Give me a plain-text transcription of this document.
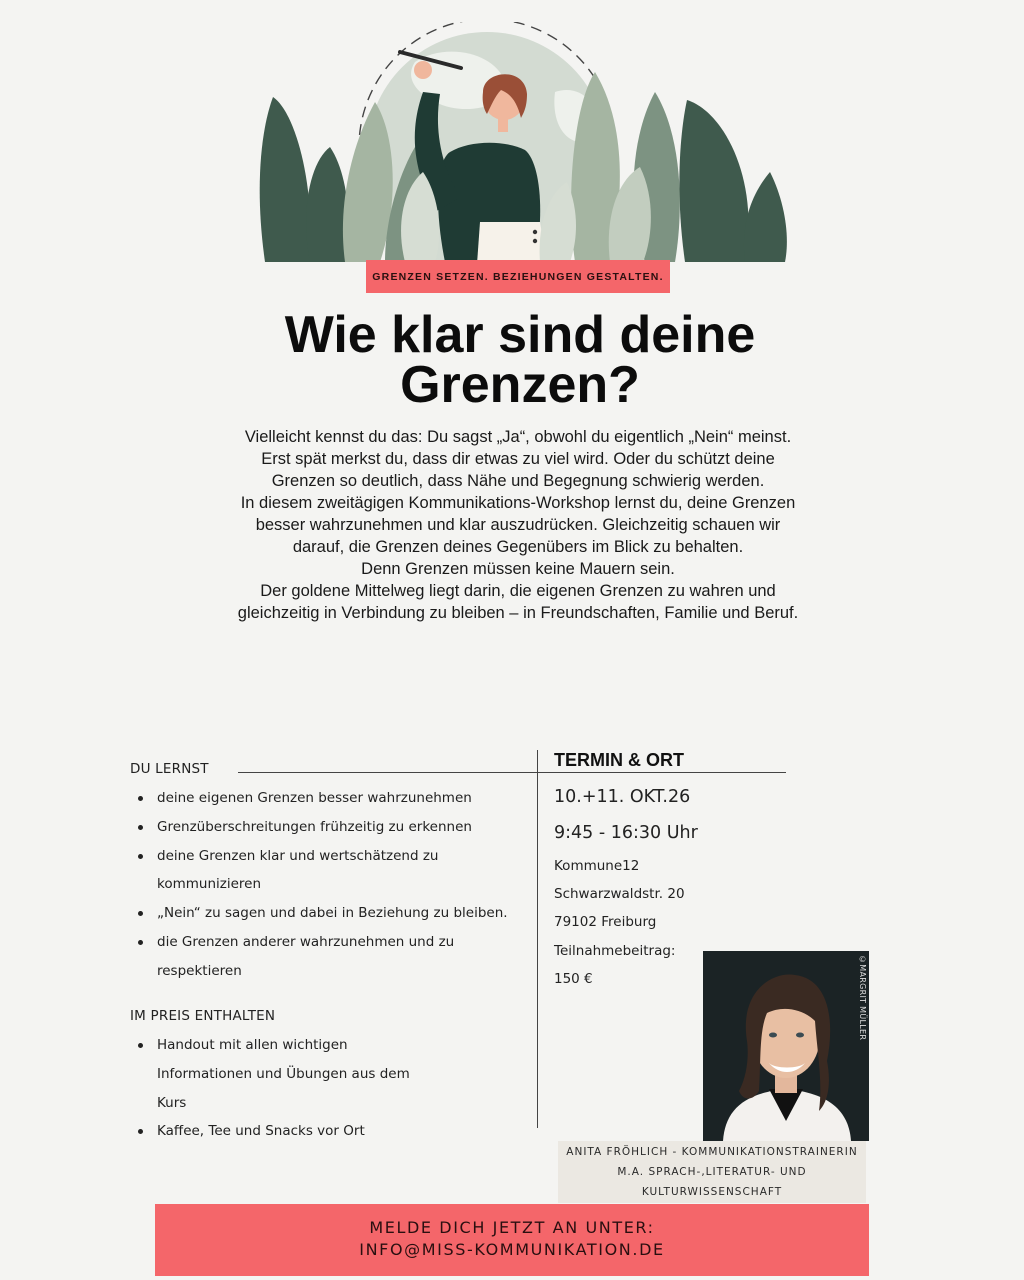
GRENZEN SETZEN. BEZIEHUNGEN GESTALTEN.
Wie klar sind deine
Grenzen?

Vielleicht kennst du das: Du sagst „Ja“, obwohl du eigentlich „Nein“ meinst. Erst spät merkst du, dass dir etwas zu viel wird. Oder du schützt deine Grenzen so deutlich, dass Nähe und Begegnung schwierig werden.

In diesem zweitägigen Kommunikations-Workshop lernst du, deine Grenzen besser wahrzunehmen und klar auszudrücken. Gleichzeitig schauen wir darauf, die Grenzen deines Gegenübers im Blick zu behalten.

Denn Grenzen müssen keine Mauern sein.

Der goldene Mittelweg liegt darin, die eigenen Grenzen zu wahren und gleichzeitig in Verbindung zu bleiben – in Freundschaften, Familie und Beruf.

DU LERNST
deine eigenen Grenzen besser wahrzunehmen
Grenzüberschreitungen frühzeitig zu erkennen
deine Grenzen klar und wertschätzend zu kommunizieren
„Nein“ zu sagen und dabei in Beziehung zu bleiben.
die Grenzen anderer wahrzunehmen und zu respektieren
IM PREIS ENTHALTEN
Handout mit allen wichtigen Informationen und Übungen aus dem Kurs
Kaffee, Tee und Snacks vor Ort
TERMIN & ORT
10.+11. OKT.26
9:45 - 16:30 Uhr
Kommune12
Schwarzwaldstr. 20
79102 Freiburg
Teilnahmebeitrag:
150 €	©MARGRIT MÜLLER
ANITA FRÖHLICH - KOMMUNIKATIONSTRAINERIN
M.A. SPRACH-,LITERATUR- UND
KULTURWISSENSCHAFT
MELDE DICH JETZT AN UNTER:
INFO@MISS-KOMMUNIKATION.DE
